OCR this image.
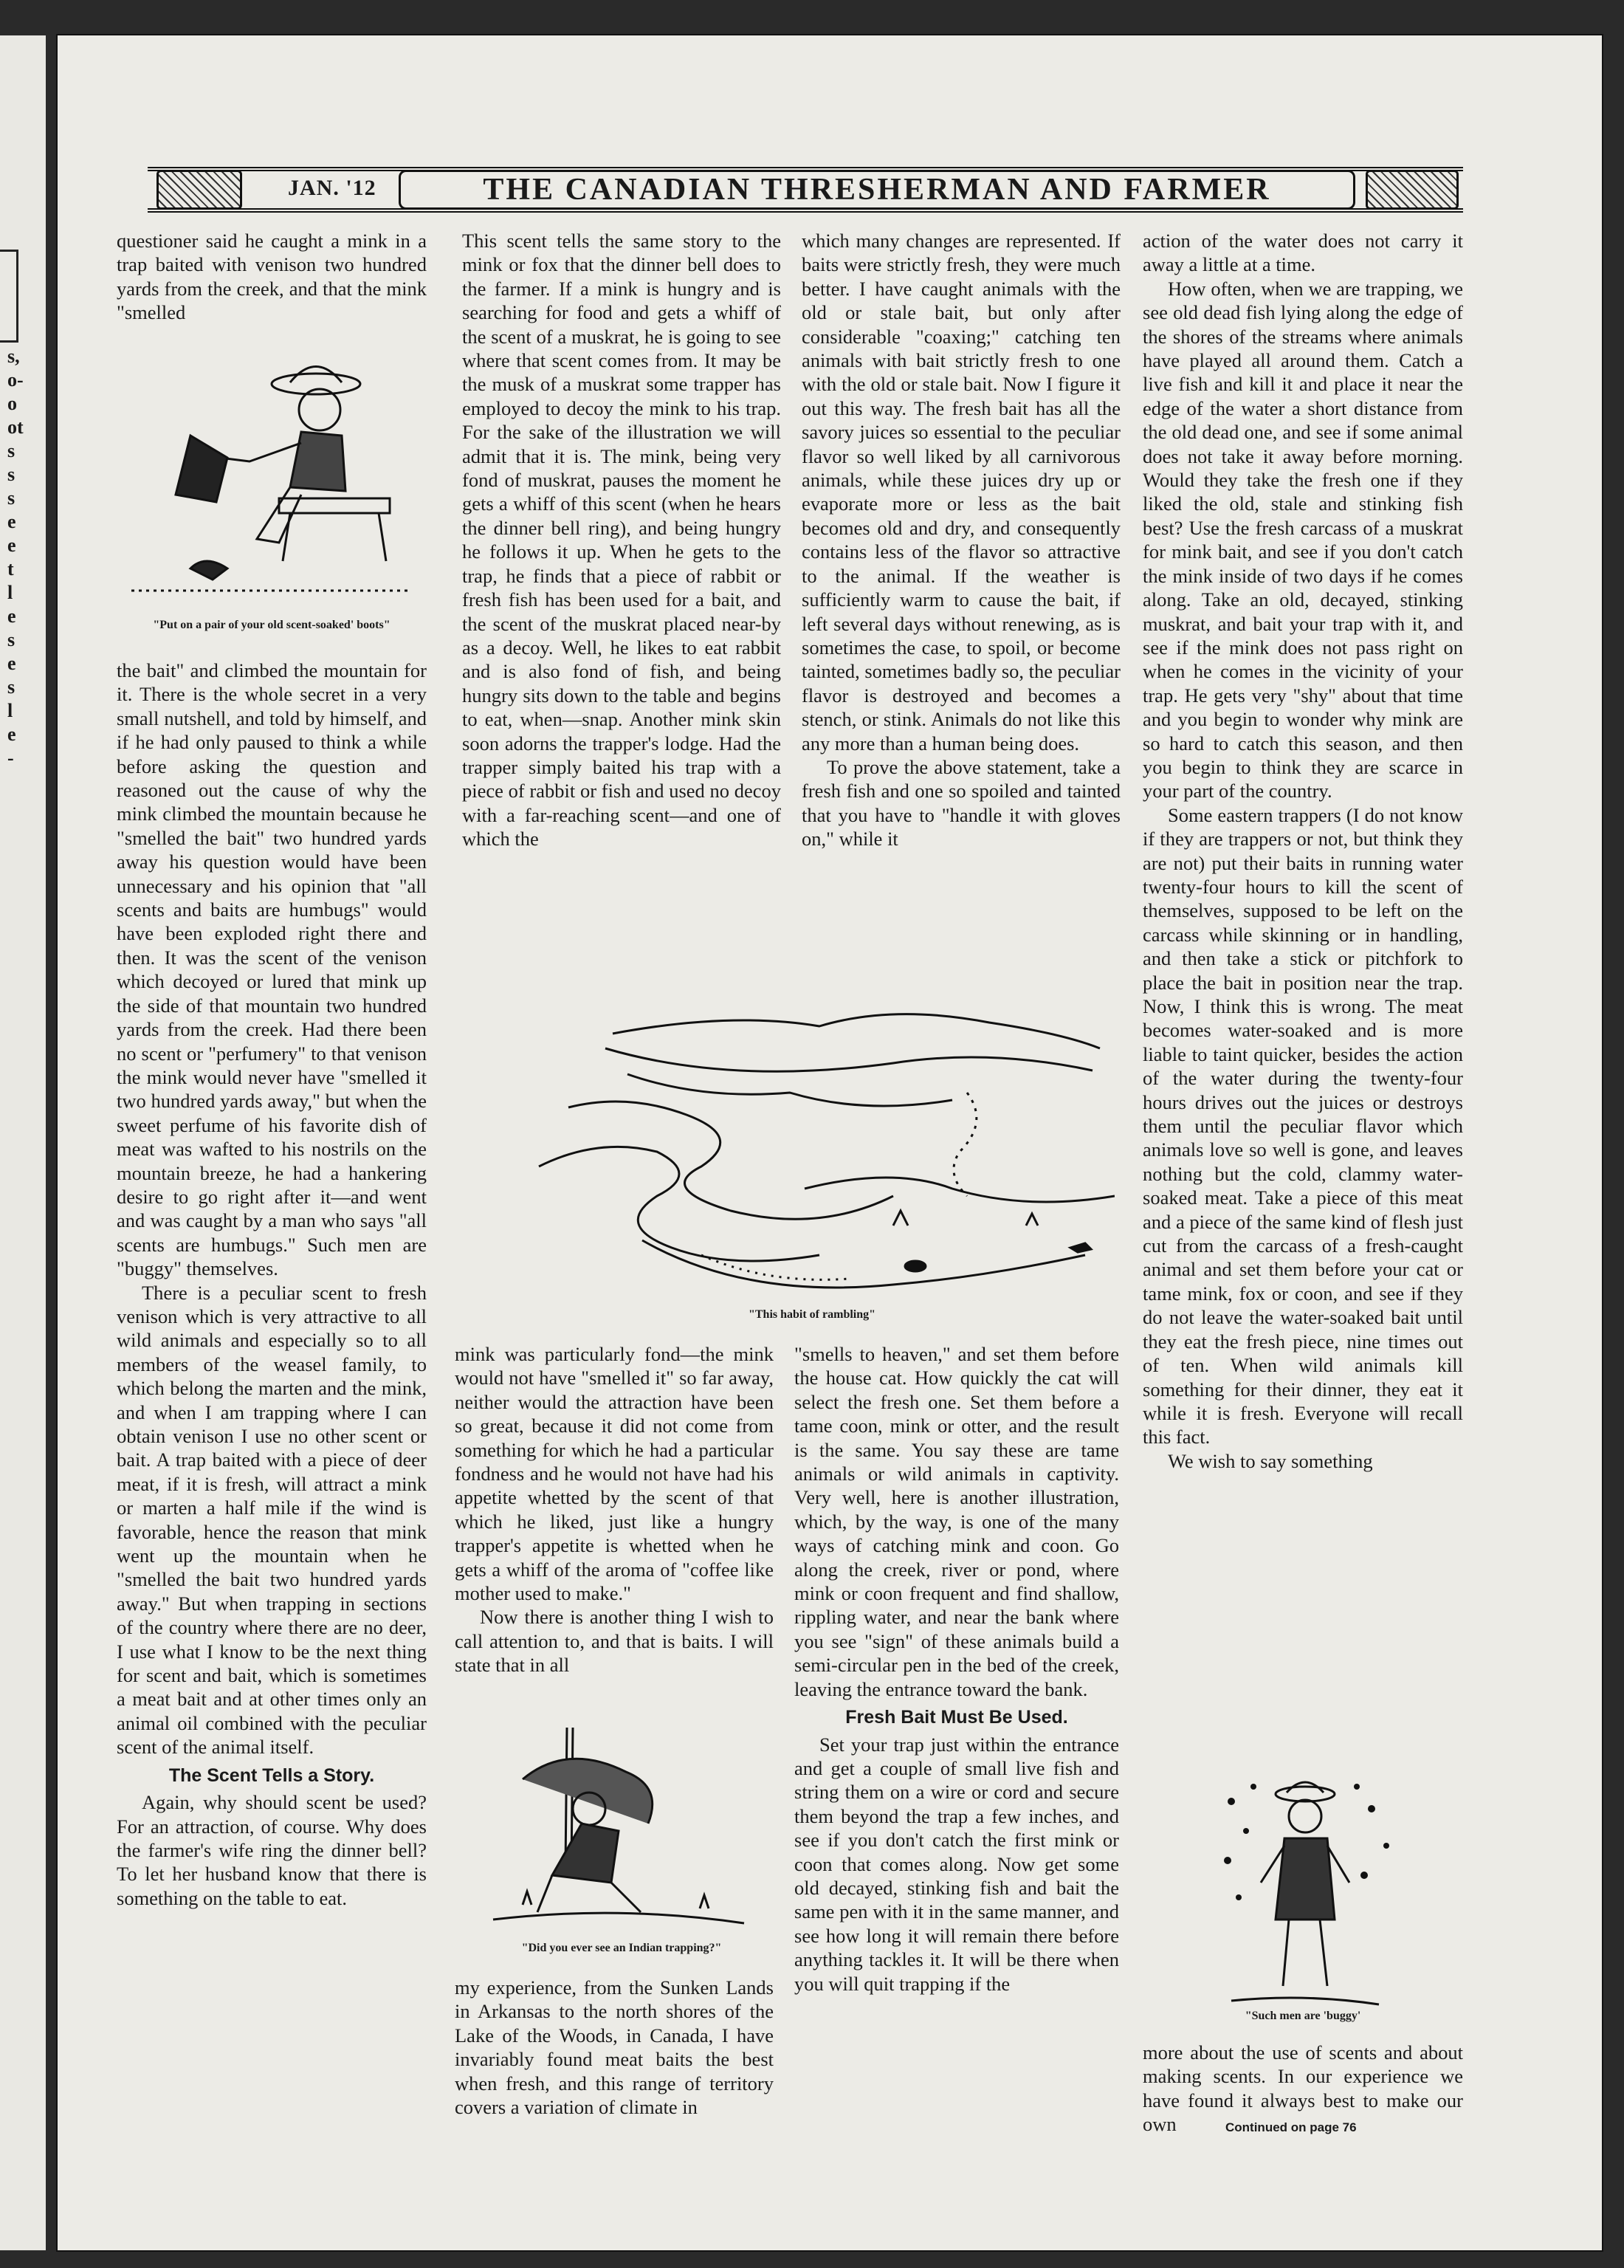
s,
o-
o
ot
s
s
s
e
e
t
l
e
s
e
s
l
e
-
JAN. '12	THE CANADIAN THRESHERMAN AND FARMER

questioner said he caught a mink in a trap baited with venison two hundred yards from the creek, and that the mink "smelled

"Put on a pair of your old scent-soaked' boots"

the bait" and climbed the mountain for it. There is the whole secret in a very small nutshell, and told by himself, and if he had only paused to think a while before asking the question and reasoned out the cause of why the mink climbed the mountain because he "smelled the bait" two hundred yards away his question would have been unnecessary and his opinion that "all scents and baits are humbugs" would have been exploded right there and then. It was the scent of the venison which decoyed or lured that mink up the side of that mountain two hundred yards from the creek. Had there been no scent or "perfumery" to that venison the mink would never have "smelled it two hundred yards away," but when the sweet perfume of his favorite dish of meat was wafted to his nostrils on the mountain breeze, he had a hankering desire to go right after it—and went and was caught by a man who says "all scents are humbugs." Such men are "buggy" themselves.

There is a peculiar scent to fresh venison which is very attractive to all wild animals and especially so to all members of the weasel family, to which belong the marten and the mink, and when I am trapping where I can obtain venison I use no other scent or bait. A trap baited with a piece of deer meat, if it is fresh, will attract a mink or marten a half mile if the wind is favorable, hence the reason that mink went up the mountain when he "smelled the bait two hundred yards away." But when trapping in sections of the country where there are no deer, I use what I know to be the next thing for scent and bait, which is sometimes a meat bait and at other times only an animal oil combined with the peculiar scent of the animal itself.

The Scent Tells a Story.

Again, why should scent be used? For an attraction, of course. Why does the farmer's wife ring the dinner bell? To let her husband know that there is something on the table to eat.

This scent tells the same story to the mink or fox that the dinner bell does to the farmer. If a mink is hungry and is searching for food and gets a whiff of the scent of a muskrat, he is going to see where that scent comes from. It may be the musk of a muskrat some trapper has employed to decoy the mink to his trap. For the sake of the illustration we will admit that it is. The mink, being very fond of muskrat, pauses the moment he gets a whiff of this scent (when he hears the dinner bell ring), and being hungry he follows it up. When he gets to the trap, he finds that a piece of rabbit or fresh fish has been used for a bait, and the scent of the muskrat placed near-by as a decoy. Well, he likes to eat rabbit and is also fond of fish, and being hungry sits down to the table and begins to eat, when—snap. Another mink skin soon adorns the trapper's lodge. Had the trapper simply baited his trap with a piece of rabbit or fish and used no decoy with a far-reaching scent—and one of which the

which many changes are represented. If baits were strictly fresh, they were much better. I have caught animals with the old or stale bait, but only after considerable "coaxing;" catching ten animals with bait strictly fresh to one with the old or stale bait. Now I figure it out this way. The fresh bait has all the savory juices so essential to the peculiar flavor so well liked by all carnivorous animals, while these juices dry up or evaporate more or less as the bait becomes old and dry, and consequently contains less of the flavor so attractive to the animal. If the weather is sufficiently warm to cause the bait, if left several days without renewing, as is sometimes the case, to spoil, or become tainted, sometimes badly so, the peculiar flavor is destroyed and becomes a stench, or stink. Animals do not like this any more than a human being does.

To prove the above statement, take a fresh fish and one so spoiled and tainted that you have to "handle it with gloves on," while it

"This habit of rambling"

mink was particularly fond—the mink would not have "smelled it" so far away, neither would the attraction have been so great, because it did not come from something for which he had a particular fondness and he would not have had his appetite whetted by the scent of that which he liked, just like a hungry trapper's appetite is whetted when he gets a whiff of the aroma of "coffee like mother used to make."

Now there is another thing I wish to call attention to, and that is baits. I will state that in all

"Did you ever see an Indian trapping?"

my experience, from the Sunken Lands in Arkansas to the north shores of the Lake of the Woods, in Canada, I have invariably found meat baits the best when fresh, and this range of territory covers a variation of climate in

"smells to heaven," and set them before the house cat. How quickly the cat will select the fresh one. Set them before a tame coon, mink or otter, and the result is the same. You say these are tame animals or wild animals in captivity. Very well, here is another illustration, which, by the way, is one of the many ways of catching mink and coon. Go along the creek, river or pond, where mink or coon frequent and find shallow, rippling water, and near the bank where you see "sign" of these animals build a semi-circular pen in the bed of the creek, leaving the entrance toward the bank.

Fresh Bait Must Be Used.

Set your trap just within the entrance and get a couple of small live fish and string them on a wire or cord and secure them beyond the trap a few inches, and see if you don't catch the first mink or coon that comes along. Now get some old decayed, stinking fish and bait the same pen with it in the same manner, and see how long it will remain there before anything tackles it. It will be there when you will quit trapping if the

action of the water does not carry it away a little at a time.

How often, when we are trapping, we see old dead fish lying along the edge of the shores of the streams where animals have played all around them. Catch a live fish and kill it and place it near the edge of the water a short distance from the old dead one, and see if some animal does not take it away before morning. Would they take the fresh one if they liked the old, stale and stinking fish best? Use the fresh carcass of a muskrat for mink bait, and see if you don't catch the mink inside of two days if he comes along. Take an old, decayed, stinking muskrat, and bait your trap with it, and see if the mink does not pass right on when he comes in the vicinity of your trap. He gets very "shy" about that time and you begin to wonder why mink are so hard to catch this season, and then you begin to think they are scarce in your part of the country.

Some eastern trappers (I do not know if they are trappers or not, but think they are not) put their baits in running water twenty-four hours to kill the scent of themselves, supposed to be left on the carcass while skinning or in handling, and then take a stick or pitchfork to place the bait in position near the trap. Now, I think this is wrong. The meat becomes water-soaked and is more liable to taint quicker, besides the action of the water during the twenty-four hours drives out the juices or destroys them until the peculiar flavor which animals love so well is gone, and leaves nothing but the cold, clammy water-soaked meat. Take a piece of this meat and a piece of the same kind of flesh just cut from the carcass of a fresh-caught animal and set them before your cat or tame mink, fox or coon, and see if they do not leave the water-soaked bait until they eat the fresh piece, nine times out of ten. When wild animals kill something for their dinner, they eat it while it is fresh. Everyone will recall this fact.

We wish to say something

"Such men are 'buggy'

more about the use of scents and about making scents. In our experience we have found it always best to make our own	Continued on page 76
